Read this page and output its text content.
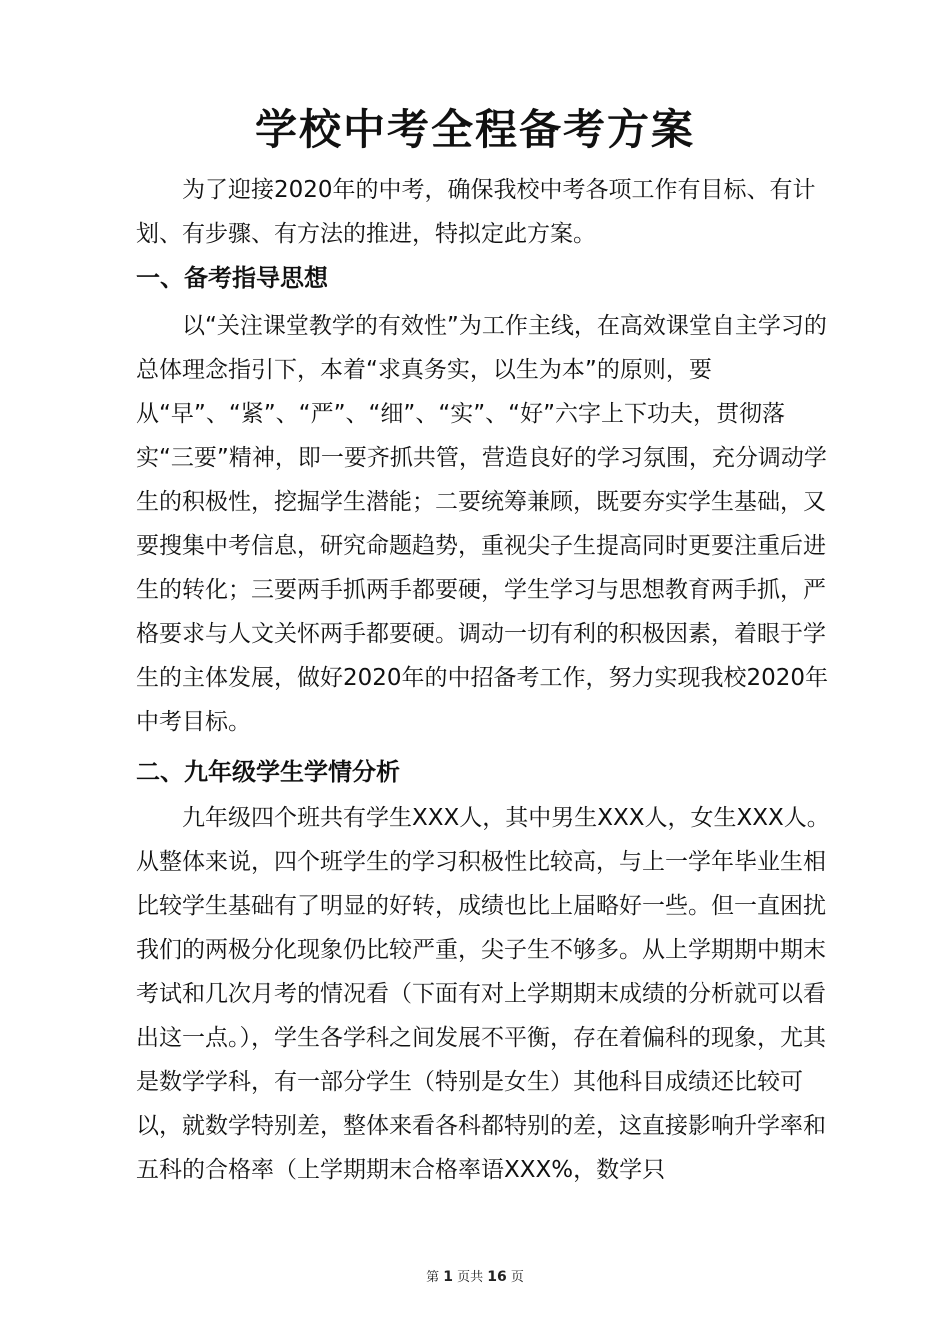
学校中考全程备考方案

为了迎接2020年的中考，确保我校中考各项工作有目标、有计划、有步骤、有方法的推进，特拟定此方案。

一、备考指导思想

以“关注课堂教学的有效性”为工作主线，在高效课堂自主学习的总体理念指引下，本着“求真务实，以生为本”的原则，要从“早”、“紧”、“严”、“细”、“实”、“好”六字上下功夫，贯彻落实“三要”精神，即一要齐抓共管，营造良好的学习氛围，充分调动学生的积极性，挖掘学生潜能；二要统筹兼顾，既要夯实学生基础，又要搜集中考信息，研究命题趋势，重视尖子生提高同时更要注重后进生的转化；三要两手抓两手都要硬，学生学习与思想教育两手抓，严格要求与人文关怀两手都要硬。调动一切有利的积极因素，着眼于学生的主体发展，做好2020年的中招备考工作，努力实现我校2020年中考目标。

二、九年级学生学情分析

九年级四个班共有学生XXX人，其中男生XXX人，女生XXX人。从整体来说，四个班学生的学习积极性比较高，与上一学年毕业生相比较学生基础有了明显的好转，成绩也比上届略好一些。但一直困扰我们的两极分化现象仍比较严重，尖子生不够多。从上学期期中期末考试和几次月考的情况看（下面有对上学期期末成绩的分析就可以看出这一点。），学生各学科之间发展不平衡，存在着偏科的现象，尤其是数学学科，有一部分学生（特别是女生）其他科目成绩还比较可以，就数学特别差，整体来看各科都特别的差，这直接影响升学率和五科的合格率（上学期期末合格率语XXX%，数学只

第 1 页共 16 页
